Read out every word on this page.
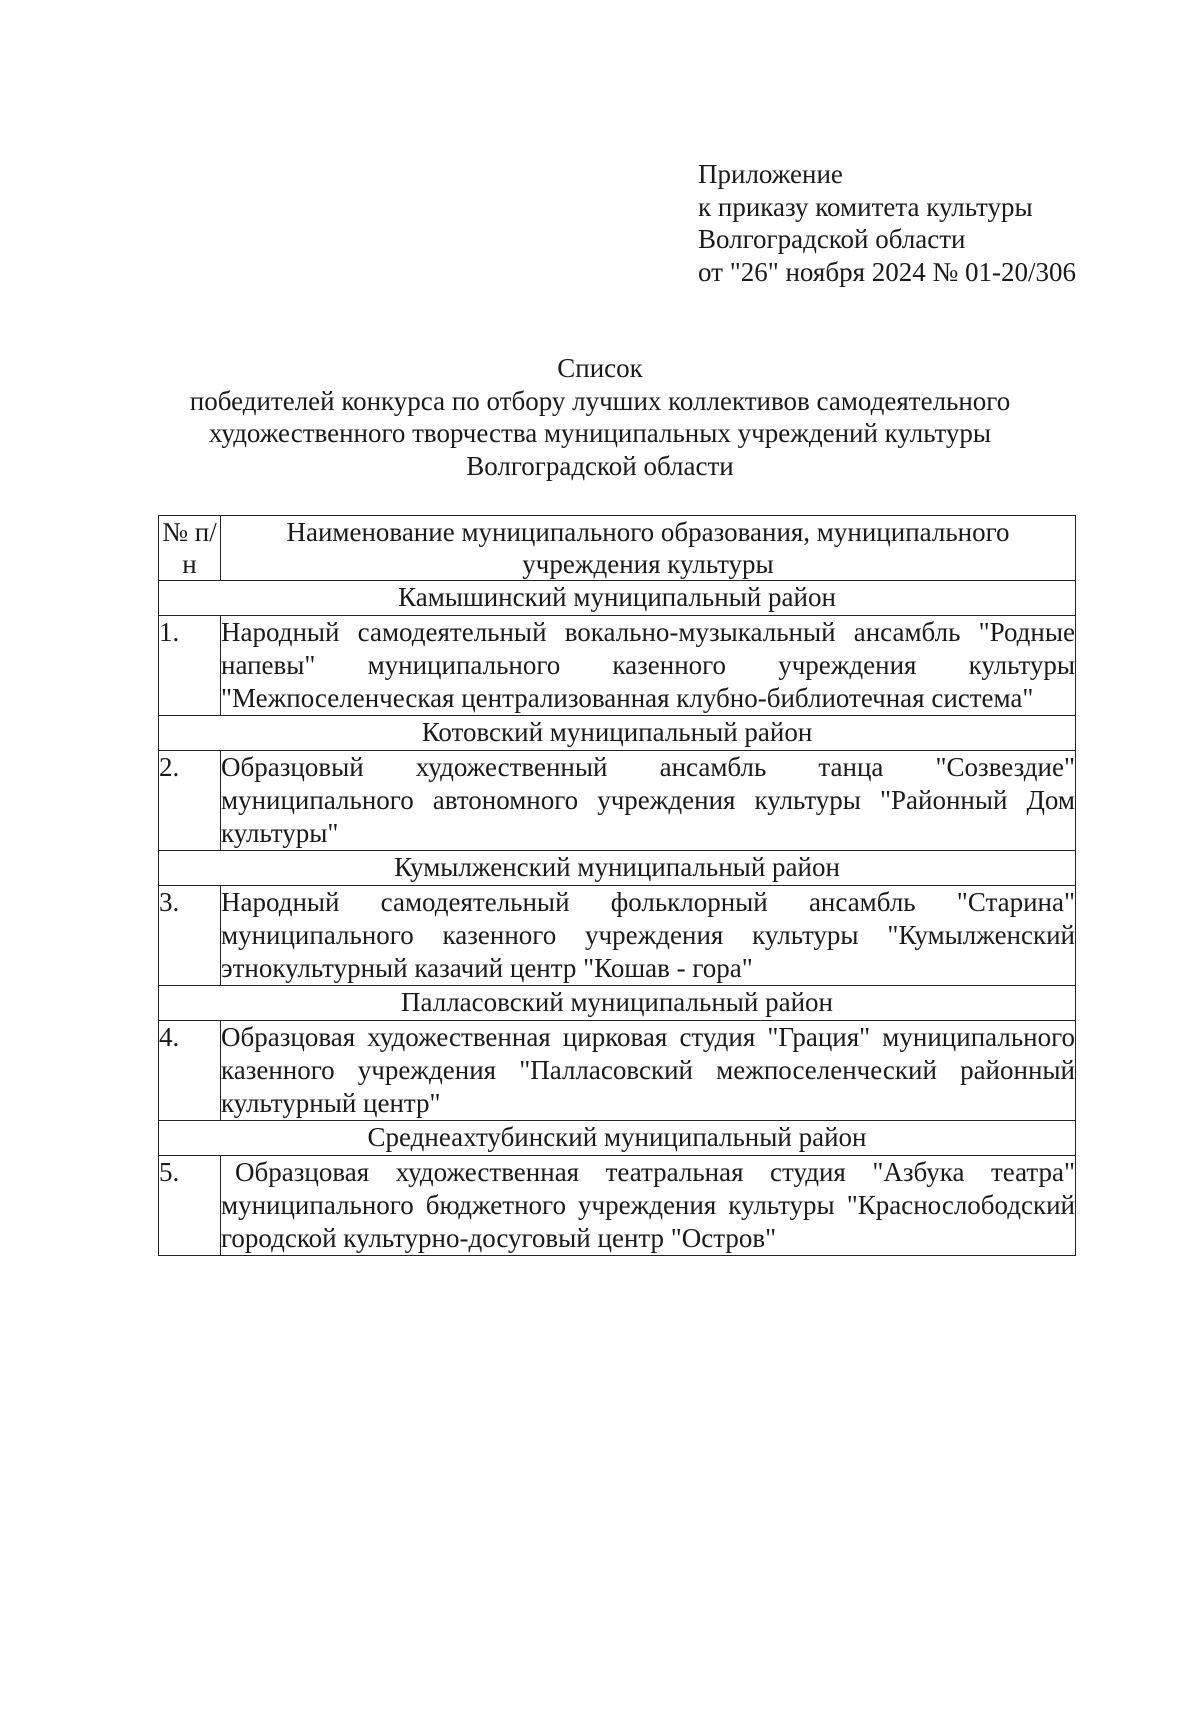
Приложение
к приказу комитета культуры
Волгоградской области
от "26" ноября 2024 № 01-20/306
Список
победителей конкурса по отбору лучших коллективов самодеятельного
художественного творчества муниципальных учреждений культуры
Волгоградской области
№ п/н	Наименование муниципального образования, муниципального учреждения культуры
Камышинский муниципальный район	
1.	Народный самодеятельный вокально-музыкальный ансамбль "Родные напевы" муниципального казенного учреждения культуры "Межпоселенческая централизованная клубно-библиотечная система"
Котовский муниципальный район	
2.	Образцовый художественный ансамбль танца "Созвездие" муниципального автономного учреждения культуры "Районный Дом культуры"
Кумылженский муниципальный район	
3.	Народный самодеятельный фольклорный ансамбль "Старина" муниципального казенного учреждения культуры "Кумылженский этнокультурный казачий центр "Кошав - гора"
Палласовский муниципальный район	
4.	Образцовая художественная цирковая студия "Грация" муниципального казенного учреждения "Палласовский межпоселенческий районный культурный центр"
Среднеахтубинский муниципальный район	
5.	Образцовая художественная театральная студия "Азбука театра" муниципального бюджетного учреждения культуры "Краснослободский городской культурно-досуговый центр "Остров"
